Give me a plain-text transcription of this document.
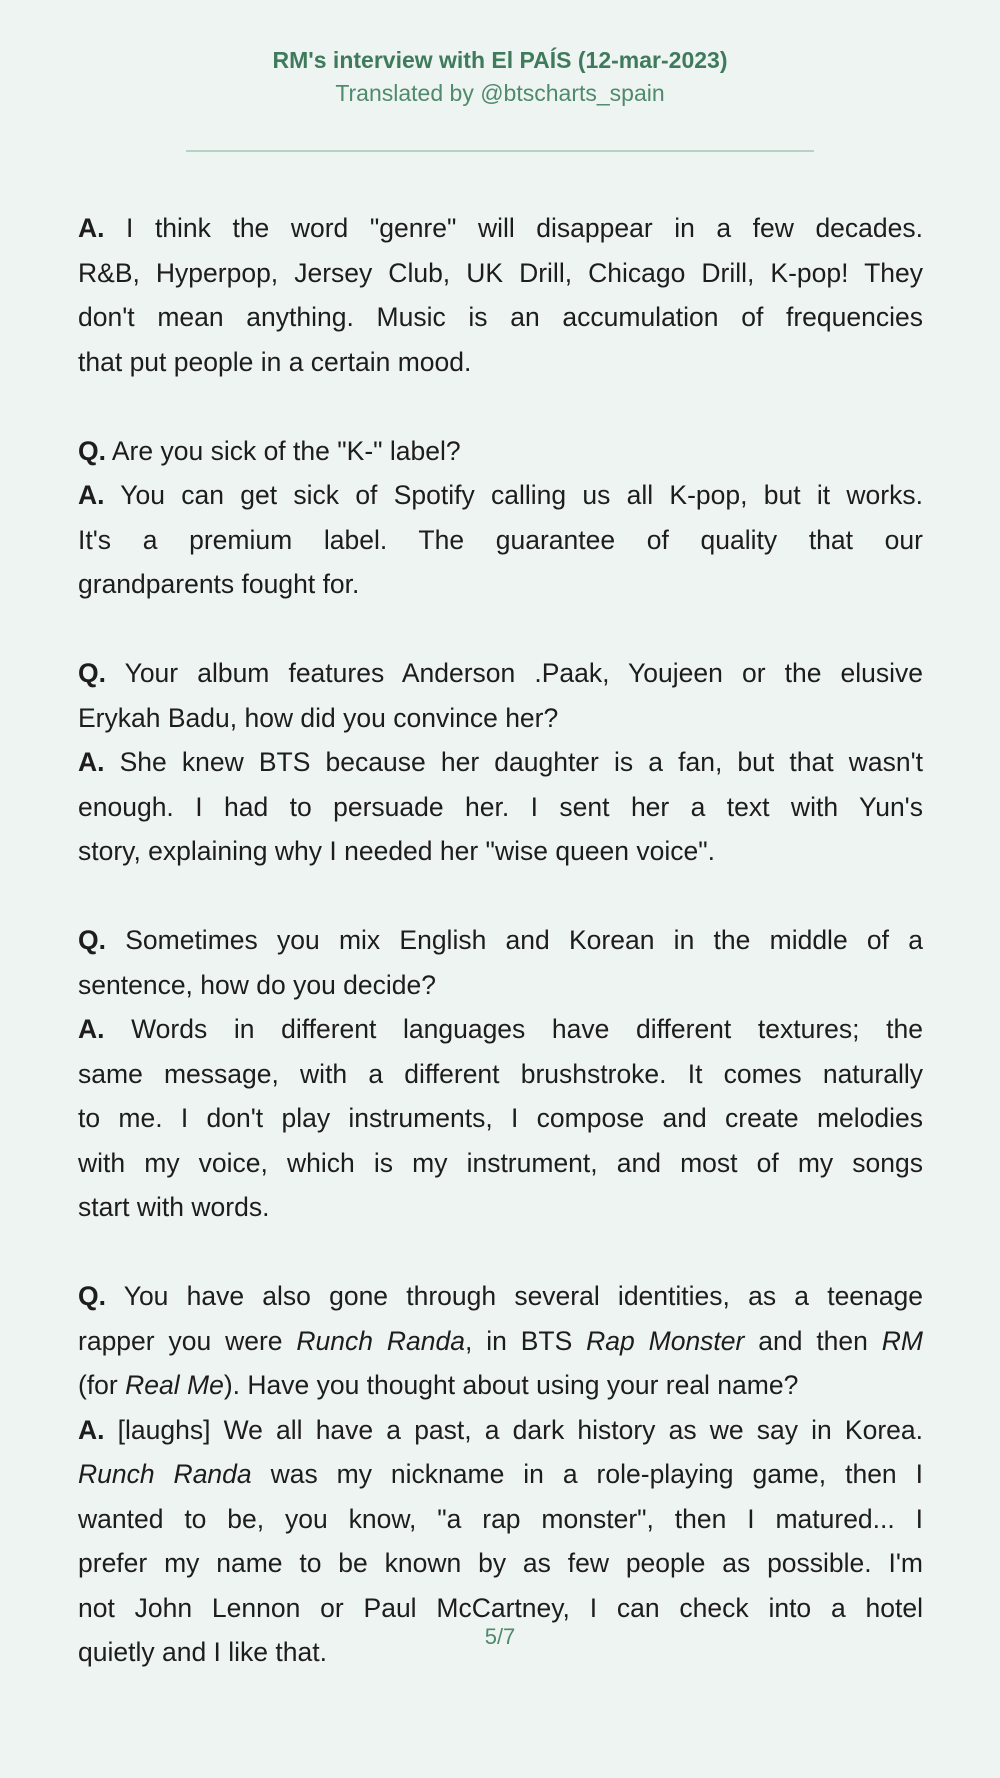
RM's interview with El PAÍS (12-mar-2023)
Translated by @btscharts_spain
A. I think the word "genre" will disappear in a few decades.
R&B, Hyperpop, Jersey Club, UK Drill, Chicago Drill, K-pop! They
don't mean anything. Music is an accumulation of frequencies
that put people in a certain mood.
Q. Are you sick of the "K-" label?
A. You can get sick of Spotify calling us all K-pop, but it works.
It's a premium label. The guarantee of quality that our
grandparents fought for.
Q. Your album features Anderson .Paak, Youjeen or the elusive
Erykah Badu, how did you convince her?
A. She knew BTS because her daughter is a fan, but that wasn't
enough. I had to persuade her. I sent her a text with Yun's
story, explaining why I needed her "wise queen voice".
Q. Sometimes you mix English and Korean in the middle of a
sentence, how do you decide?
A. Words in different languages have different textures; the
same message, with a different brushstroke. It comes naturally
to me. I don't play instruments, I compose and create melodies
with my voice, which is my instrument, and most of my songs
start with words.
Q. You have also gone through several identities, as a teenage
rapper you were Runch Randa, in BTS Rap Monster and then RM
(for Real Me). Have you thought about using your real name?
A. [laughs] We all have a past, a dark history as we say in Korea.
Runch Randa was my nickname in a role-playing game, then I
wanted to be, you know, "a rap monster", then I matured... I
prefer my name to be known by as few people as possible. I'm
not John Lennon or Paul McCartney, I can check into a hotel
quietly and I like that.
5/7
